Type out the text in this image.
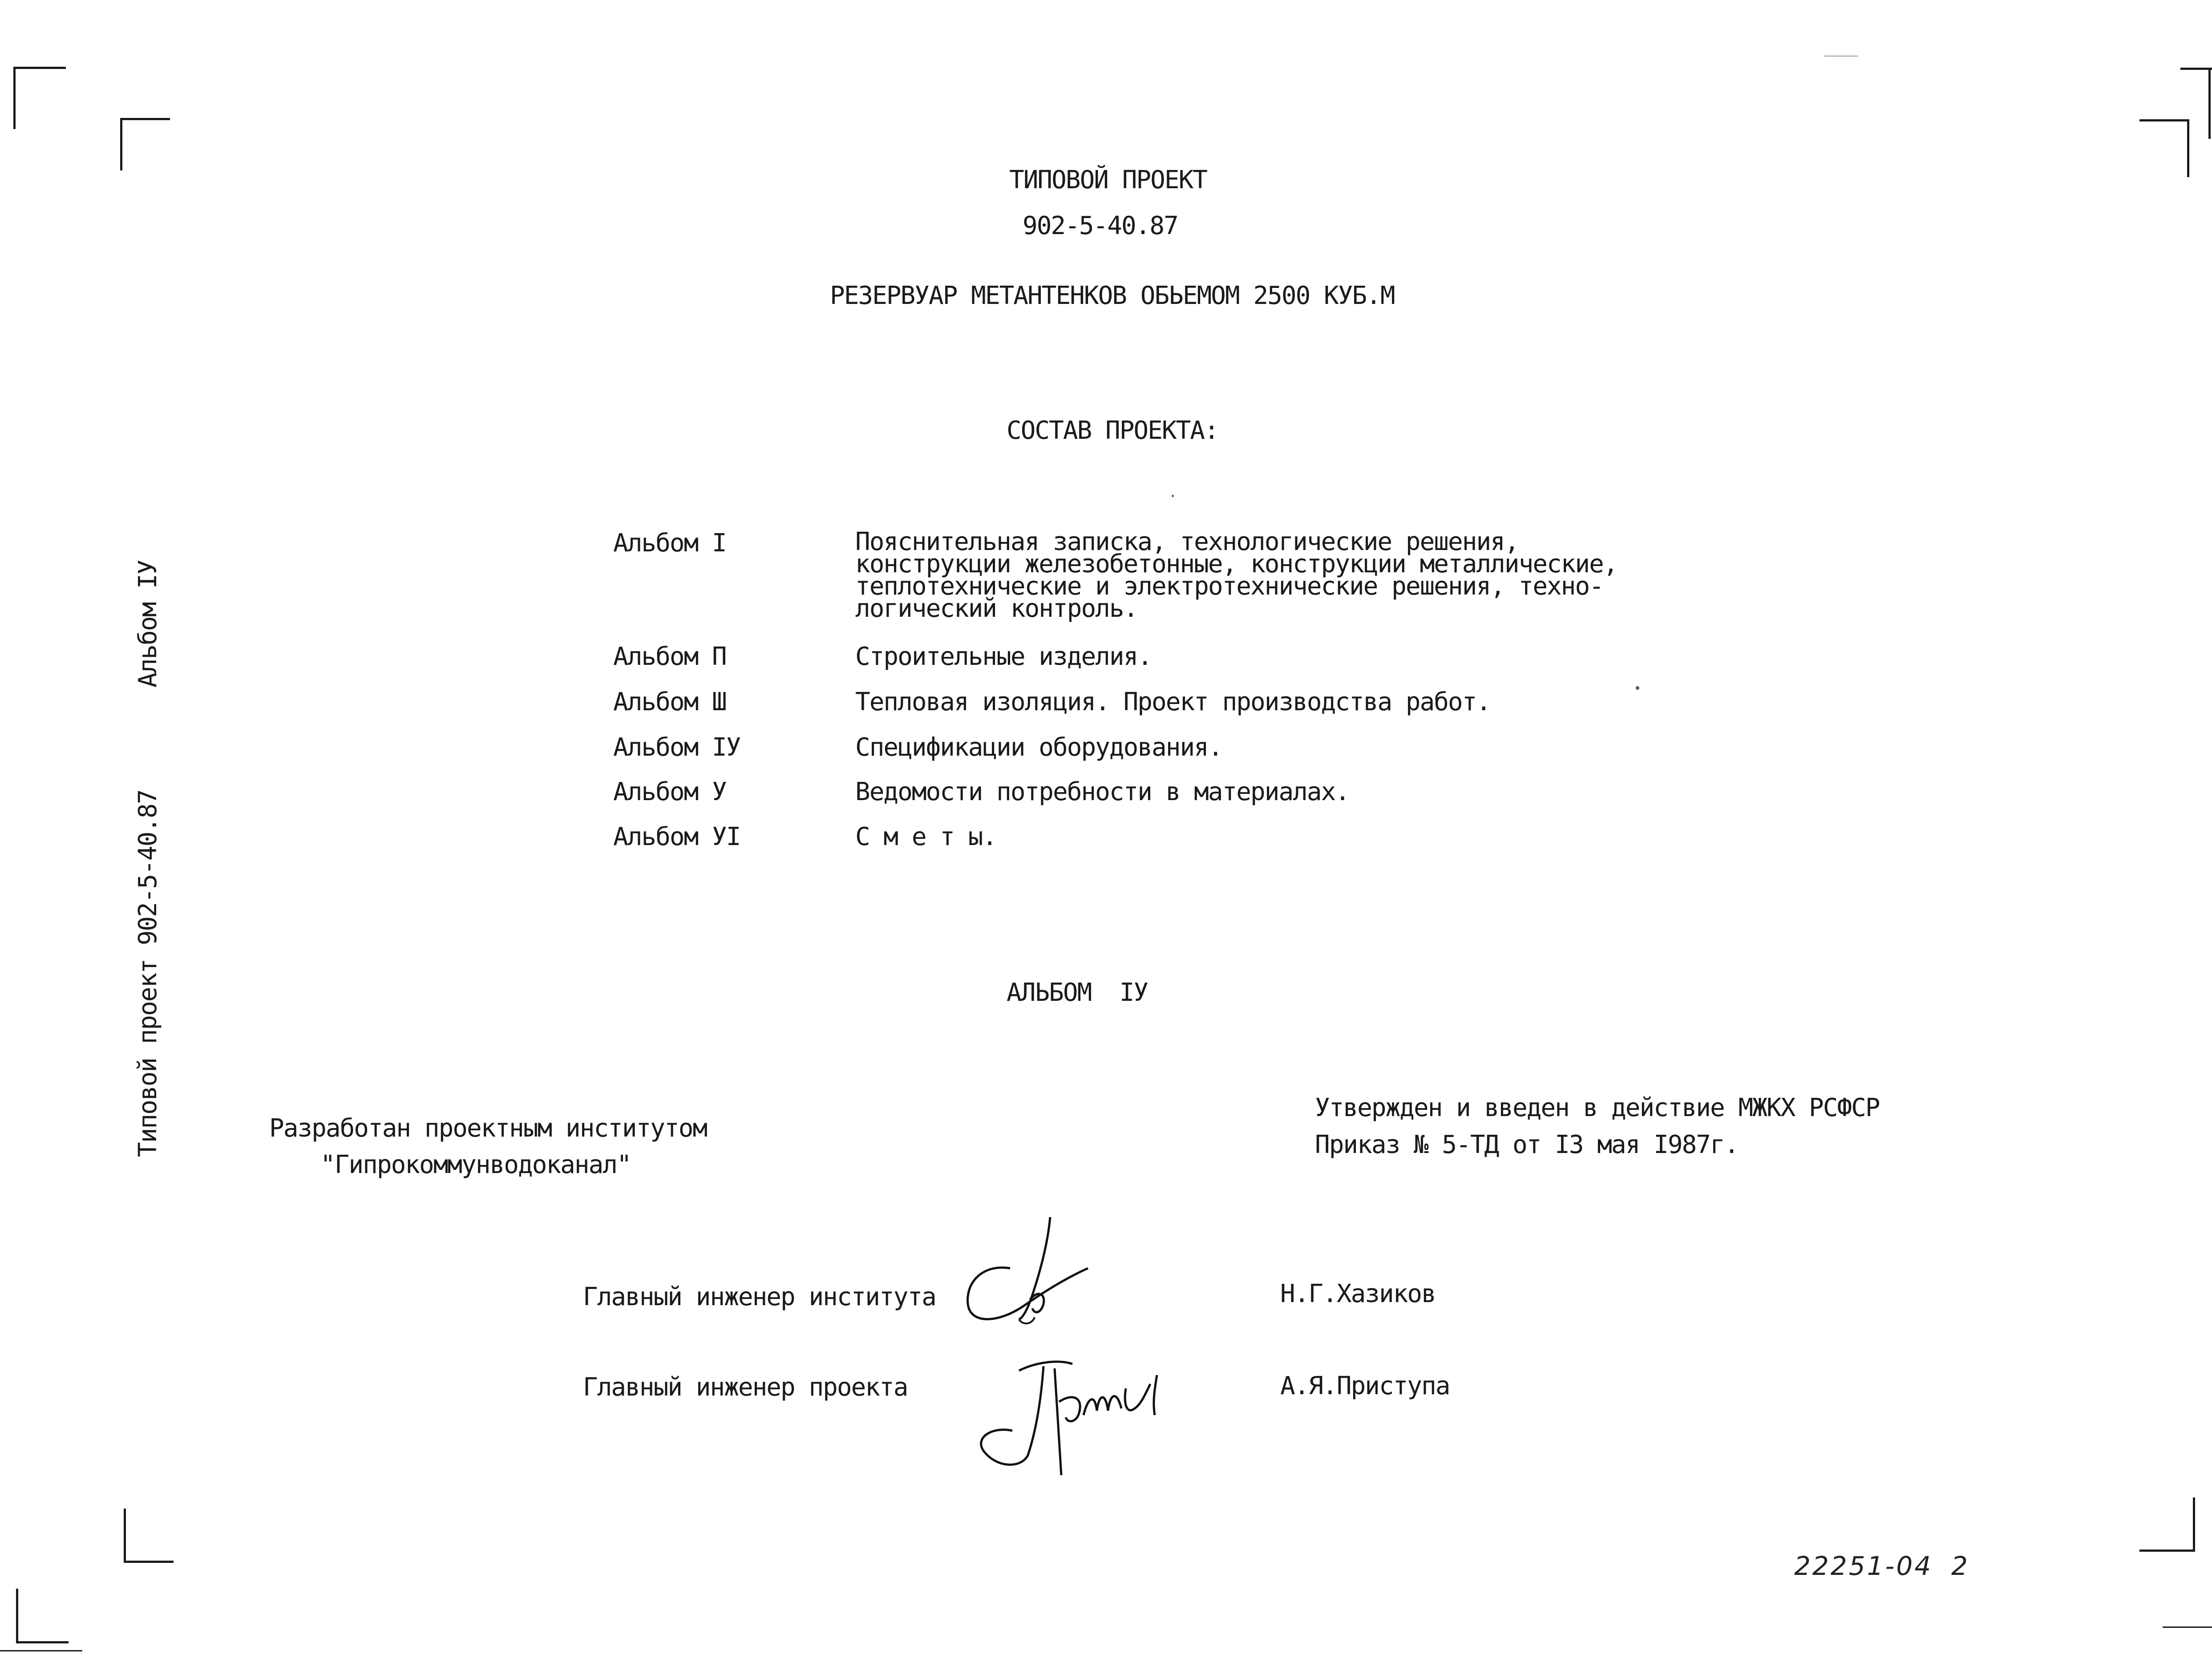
ТИПОВОЙ ПРОЕКТ
902-5-40.87
РЕЗЕРВУАР МЕТАНТЕНКОВ ОБЬЕМОМ 2500 КУБ.М
СОСТАВ ПРОЕКТА:
Альбом I	Пояснительная записка, технологические решения,
конструкции железобетонные, конструкции металлические,
теплотехнические и электротехнические решения, техно-
логический контроль.
Альбом П	Строительные изделия.
Альбом Ш	Тепловая изоляция. Проект производства работ.
Альбом IУ	Спецификации оборудования.
Альбом У	Ведомости потребности в материалах.
Альбом УI	С м е т ы.
АЛЬБОМ  IУ
Разработан проектным институтом
"Гипрокоммунводоканал"
Утвержден и введен в действие МЖКХ РСФСР
Приказ № 5-ТД от I3 мая I987г.
Главный инженер института	Н.Г.Хазиков
Главный инженер проекта	А.Я.Приступа
Альбом IУ
Типовой проект 902-5-40.87
22251-04 2
